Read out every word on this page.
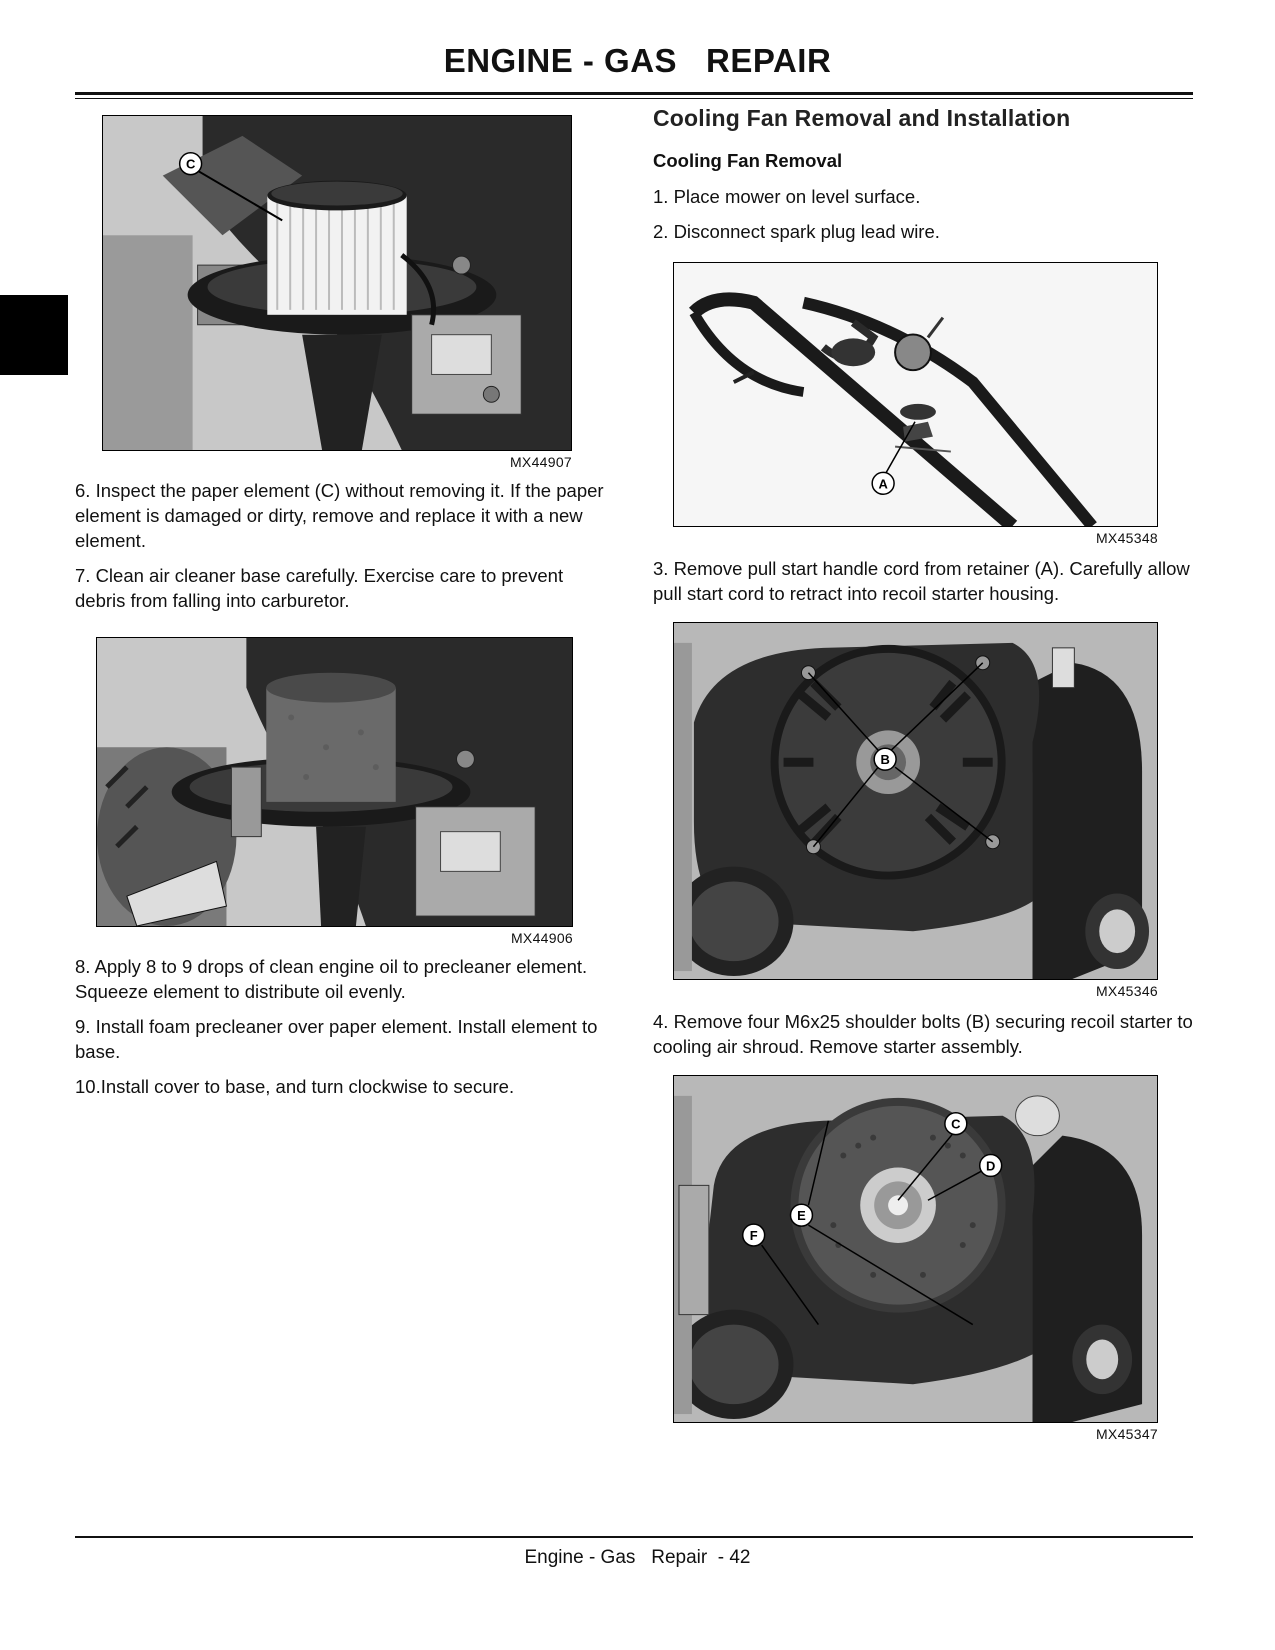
ENGINE - GAS   REPAIR
C
MX44907

6. Inspect the paper element (C) without removing it. If the paper element is damaged or dirty, remove and replace it with a new element.

7. Clean air cleaner base carefully. Exercise care to prevent debris from falling into carburetor.

MX44906

8. Apply 8 to 9 drops of clean engine oil to precleaner element. Squeeze element to distribute oil evenly.

9. Install foam precleaner over paper element. Install element to base.

10.Install cover to base, and turn clockwise to secure.

Cooling Fan Removal and Installation
Cooling Fan Removal

1. Place mower on level surface.

2. Disconnect spark plug lead wire.

A
MX45348

3. Remove pull start handle cord from retainer (A). Carefully allow pull start cord to retract into recoil starter housing.

B
MX45346

4. Remove four M6x25 shoulder bolts (B) securing recoil starter to cooling air shroud. Remove starter assembly.

C
D
E
F
MX45347
Engine - Gas   Repair  - 42
